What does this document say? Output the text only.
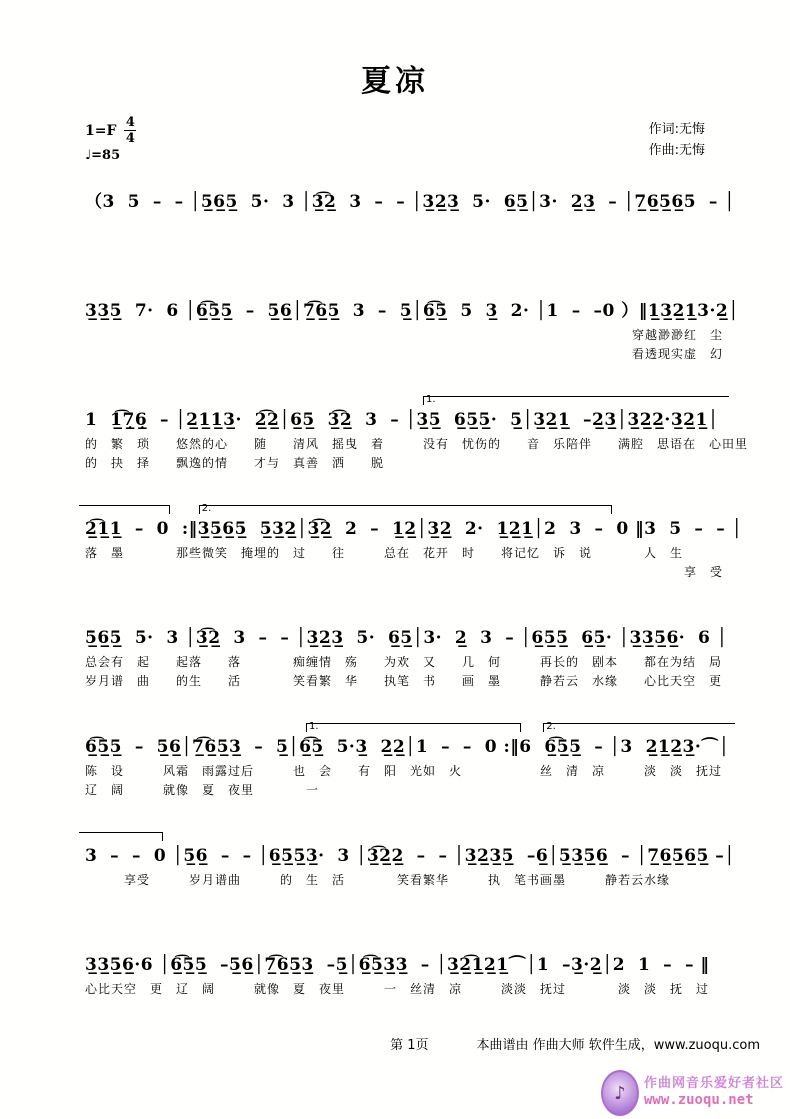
夏凉
$1=F \frac{4}{4}$
♩=85
作词:无悔
作曲:无悔
（3  5  –  – │5̲6̲5̲  5·  3 │3̲͡2̲  3  –  – │3̲2̲3̲  5·  6̲5̲│3·  2̲3̲  – │7̲6̲5̲6̲5  – │
3̲3̲5̲  7·  6 │6̲͡5̲5̲  –  5̲6̲│7̲͡6̲5̲  3  –  5̲│6̲͡5̲  5  3̲  2· │1  –  –0 ）‖1̲3̲2̲1̲3·2̲│
穿越渺渺红　尘
看透现实虚　幻
1.
1  1̲͡7̲̣6̲̣  – │2̲1̲1̲3̲·  2̲͡2̲│6̲5̲  3̲͡2̲  3  – │3̲5̲  6̲5̲5̲·  5̲│3̲2̲1̲  –2̲3̲│3̲2̲2̲·3̲2̲1̲│
的　繁　琐　　悠然的心　　随　　清风　摇曳　着　　　没有　忧伤的　　音　乐陪伴　　满腔　思语在　心田里
的　抉　择　　飘逸的情　　才与　真善　洒　　脱
2.
2̲͡1̲1̲  –  0  :‖3̲5̲6̲5̲  5̲3̲2̲│3̲͡2̲  2  –  1̲2̲│3̲2̲  2·  1̲2̲1̲│2  3  –  0 ‖3  5  –  – │
落　墨　　　　那些微笑　掩埋的　过　　往　　　总在　花开　时　　将记忆　诉　说　　　　人　生
享　受
5̲6̲5̲  5·  3 │3̲͡2̲  3  –  – │3̲2̲3̲  5·  6̲5̲│3·  2̲  3  – │6̲5̲5̲  6̲5̲· │3̲3̲5̲6̲·  6 │
总会有　起　　起落　　落　　　　痴缠情　殇　　为欢　又　　几　何　　　再长的　剧本　　都在为结　局
岁月谱　曲　　的生　　活　　　　笑看繁　华　　执笔　书　　画　墨　　　静若云　水缘　　心比天空　更
1.	2.
6̲͡5̲5̲  –  5̲6̲│7̲͡6̲5̲3̲  –  5̲│6̲͡5̲  5·3̲  2̲2̲│1  –  –  0 :‖6  6̲͡5̲5̲  – │3  2̲1̲2̲3̲·⌒│
陈　设　　　风霜　雨露过后　　　也　会　　有　阳　光如　火　　　　　　丝　清　凉　　　淡　淡　抚过
辽　阔　　　就像　夏　夜里　　　　一
3  –  –  0 │5̲6̲  –  – │6̲5̲5̲3̲·  3 │3̲͡2̲2̲  –  – │3̲2̲3̲5̲  –6̲│5̲3̲5̲6̲  – │7̲6̲5̲6̲5̲ –│
　　　享受　　　岁月谱曲　　　的　生　活　　　　笑看繁华　　　执　笔书画墨　　　静若云水缘
3̲3̲5̲6̲·6 │6̲͡5̲5̲  –5̲6̲│7̲͡6̲5̲3̲  –5̲│6̲͡5̲3̲3̲  – │3̲2̲͡1̲2̲1̲⌒│1  –3̲·2̲│2  1  –  – ‖
心比天空　更　辽　阔　　　就像　夏　夜里　　　一　丝清　凉　　　淡淡　抚过　　　　淡　淡　抚　过
第 1页	本曲谱由 作曲大师 软件生成，www.zuoqu.com
♪ 作曲网音乐爱好者社区
www.zuoqu.net
